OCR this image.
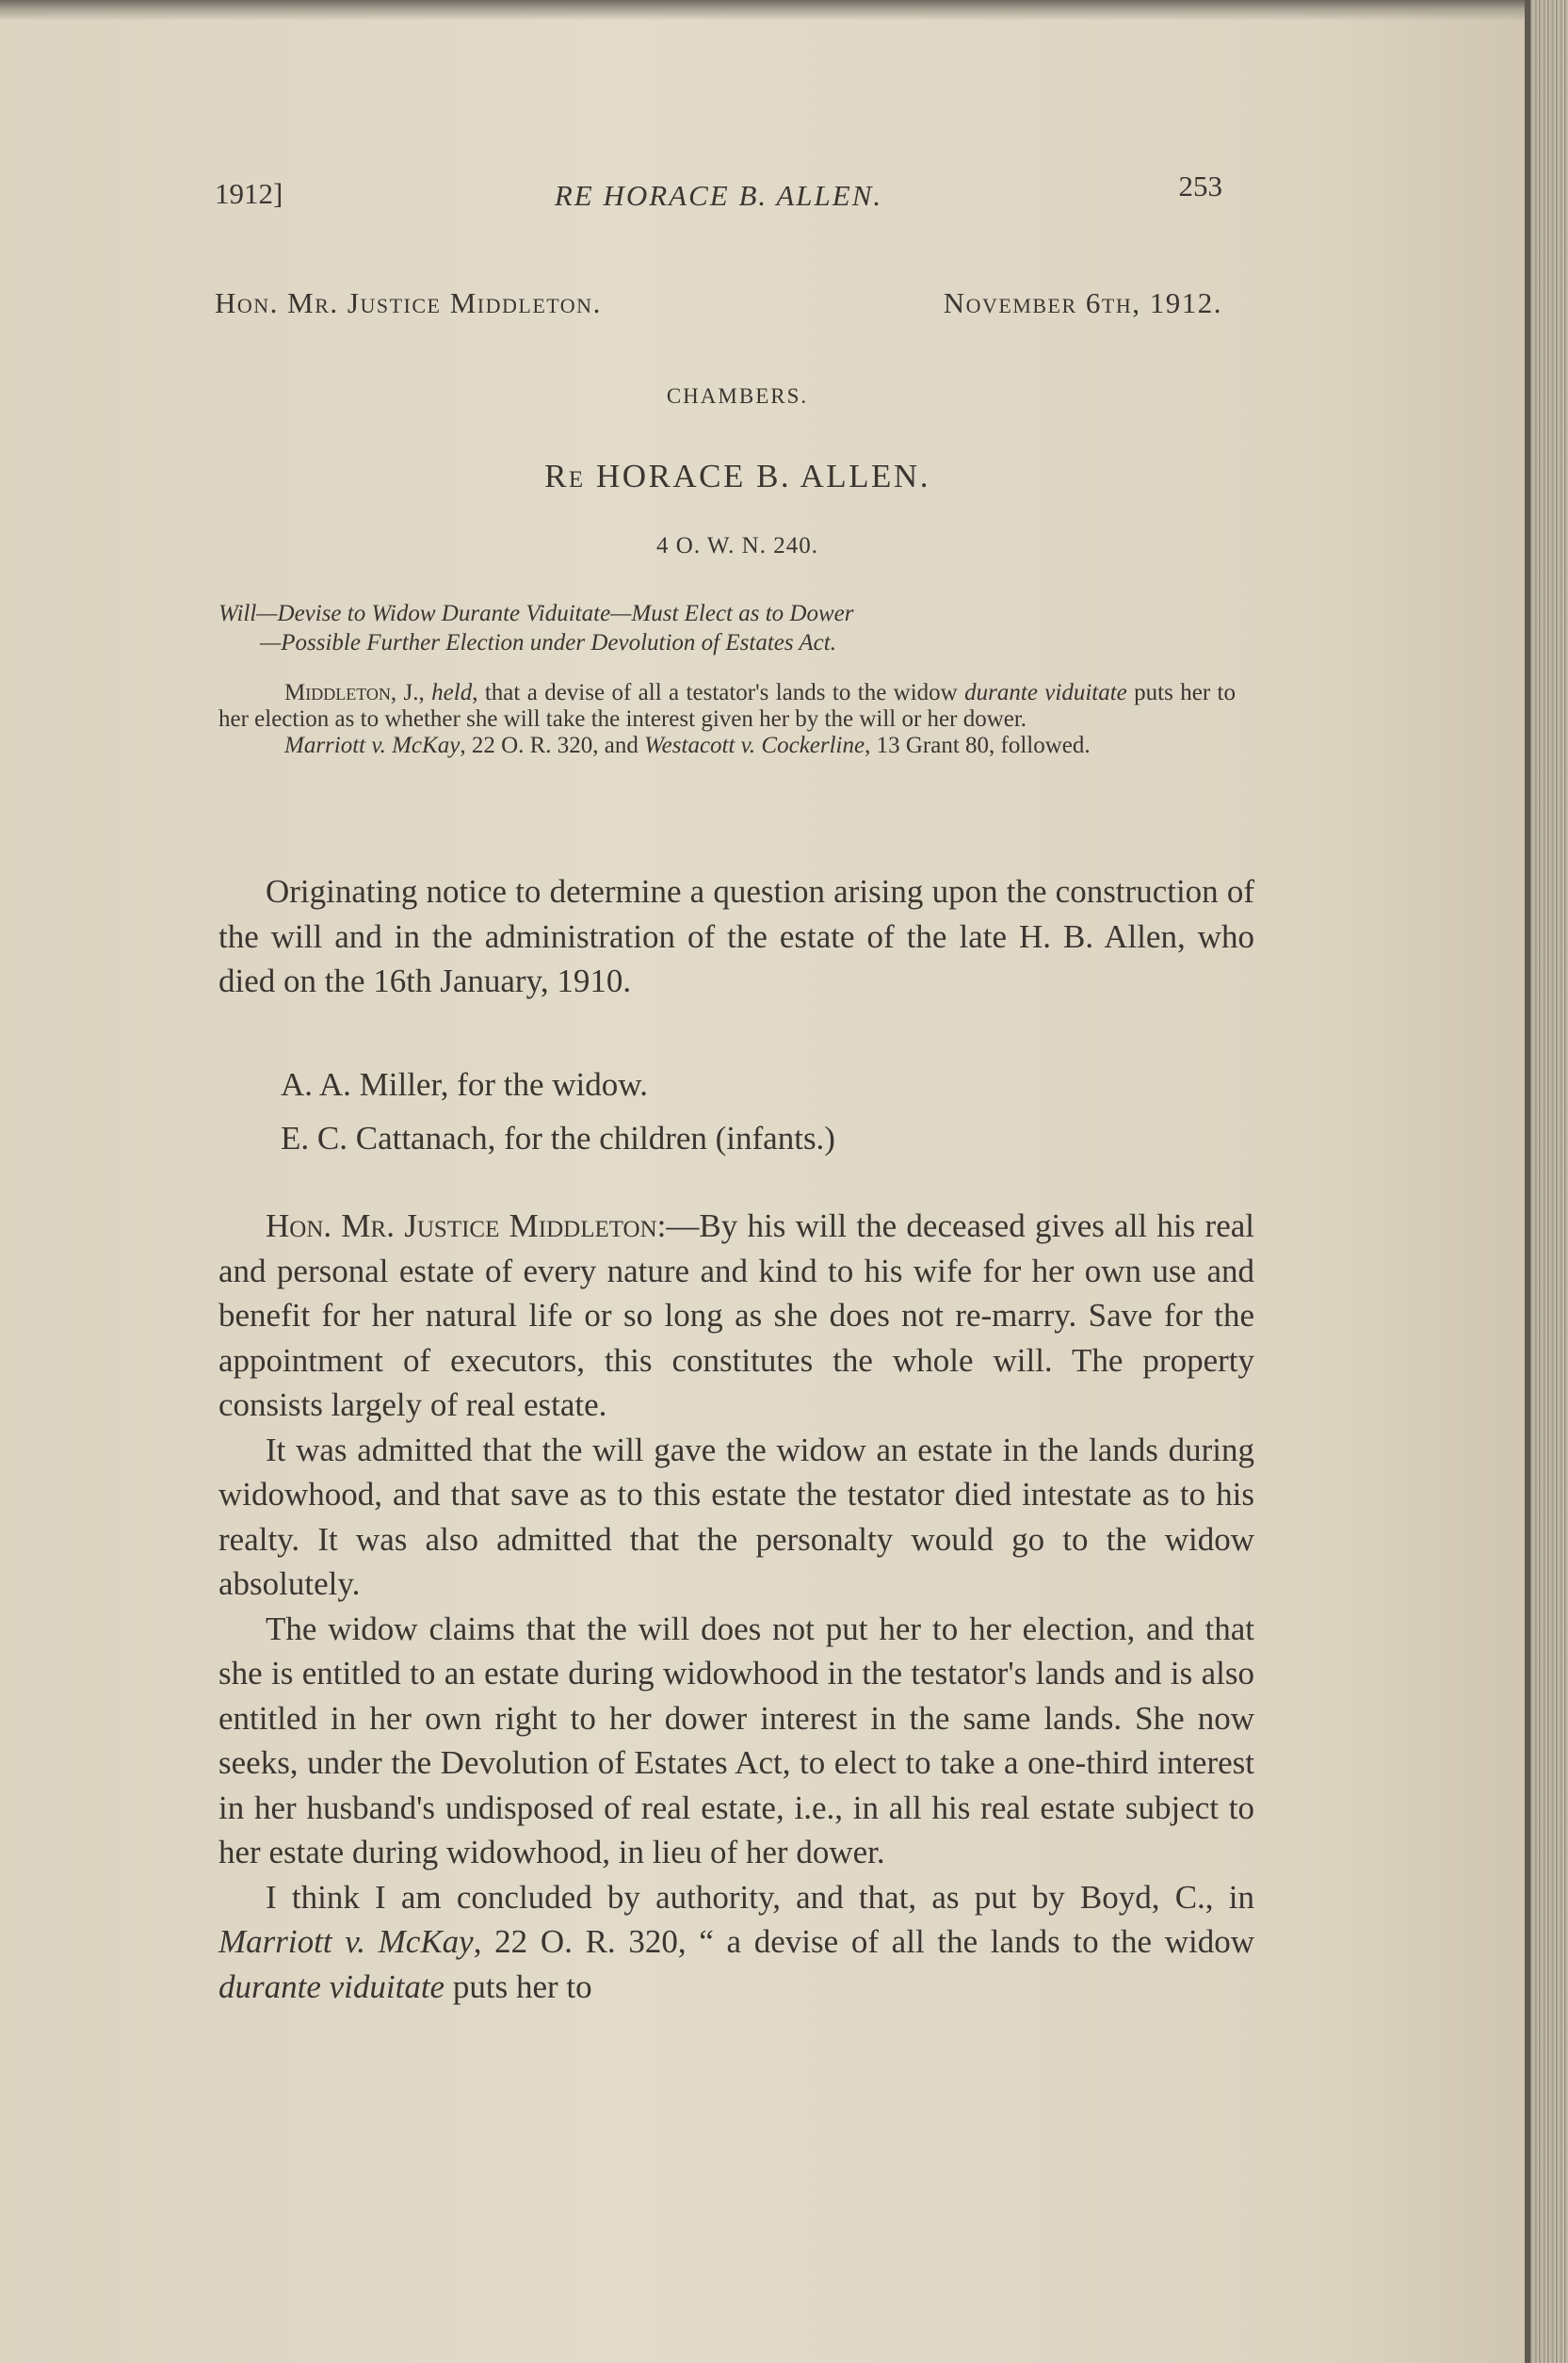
1912]	RE HORACE B. ALLEN.	253
Hon. Mr. Justice Middleton.	November 6th, 1912.
CHAMBERS.
Re HORACE B. ALLEN.
4 O. W. N. 240.
Will—Devise to Widow Durante Viduitate—Must Elect as to Dower
—Possible Further Election under Devolution of Estates Act.

Middleton, J., held, that a devise of all a testator's lands to the widow durante viduitate puts her to her election as to whether she will take the interest given her by the will or her dower.

Marriott v. McKay, 22 O. R. 320, and Westacott v. Cockerline, 13 Grant 80, followed.

Originating notice to determine a question arising upon the construction of the will and in the administration of the estate of the late H. B. Allen, who died on the 16th January, 1910.

A. A. Miller, for the widow.

E. C. Cattanach, for the children (infants.)

Hon. Mr. Justice Middleton:—By his will the deceased gives all his real and personal estate of every nature and kind to his wife for her own use and benefit for her natural life or so long as she does not re-marry. Save for the appointment of executors, this constitutes the whole will. The property consists largely of real estate.

It was admitted that the will gave the widow an estate in the lands during widowhood, and that save as to this estate the testator died intestate as to his realty. It was also admitted that the personalty would go to the widow absolutely.

The widow claims that the will does not put her to her election, and that she is entitled to an estate during widowhood in the testator's lands and is also entitled in her own right to her dower interest in the same lands. She now seeks, under the Devolution of Estates Act, to elect to take a one-third interest in her husband's undisposed of real estate, i.e., in all his real estate subject to her estate during widowhood, in lieu of her dower.

I think I am concluded by authority, and that, as put by Boyd, C., in Marriott v. McKay, 22 O. R. 320, “ a devise of all the lands to the widow durante viduitate puts her to
